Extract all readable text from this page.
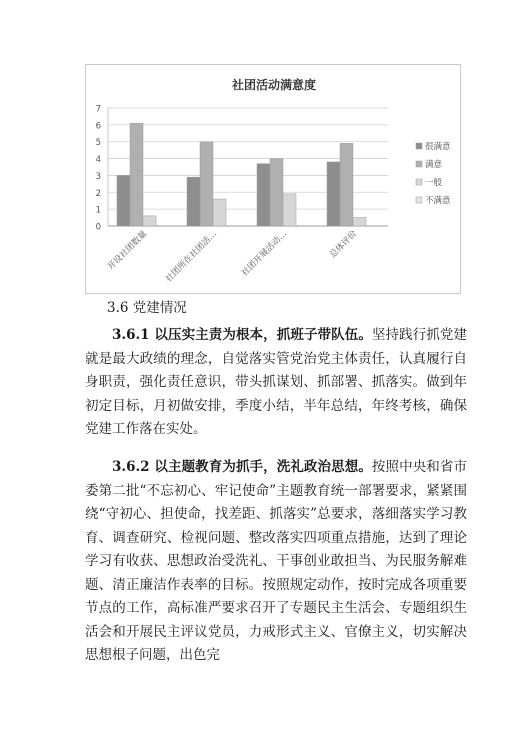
社团活动满意度
0
1
2
3
4
5
6
7
开设社团数量 社团所在社团活… 社团开展活动…	总体评价
很满意
满意
一般
不满意
3.6 党建情况

3.6.1 以压实主责为根本，抓班子带队伍。坚持践行抓党建就是最大政绩的理念，自觉落实管党治党主体责任，认真履行自身职责，强化责任意识，带头抓谋划、抓部署、抓落实。做到年初定目标，月初做安排，季度小结，半年总结，年终考核，确保党建工作落在实处。

3.6.2 以主题教育为抓手，洗礼政治思想。按照中央和省市委第二批“不忘初心、牢记使命”主题教育统一部署要求，紧紧围绕“守初心、担使命，找差距、抓落实”总要求，落细落实学习教育、调查研究、检视问题、整改落实四项重点措施，达到了理论学习有收获、思想政治受洗礼、干事创业敢担当、为民服务解难题、清正廉洁作表率的目标。按照规定动作，按时完成各项重要节点的工作，高标准严要求召开了专题民主生活会、专题组织生活会和开展民主评议党员，力戒形式主义、官僚主义，切实解决思想根子问题，出色完
